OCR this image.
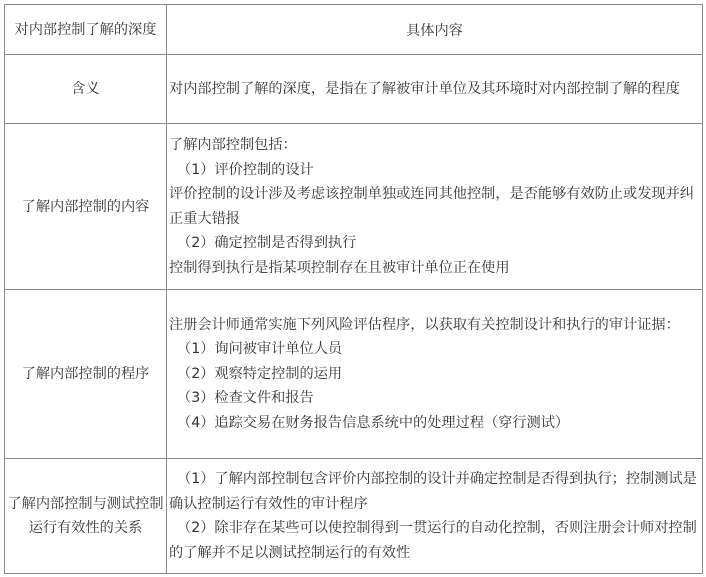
对内部控制了解的深度	具体内容
含义	对内部控制了解的深度，是指在了解被审计单位及其环境时对内部控制了解的程度

了解内部控制的内容	了解内部控制包括：
（1）评价控制的设计
评价控制的设计涉及考虑该控制单独或连同其他控制，是否能够有效防止或发现并纠正重大错报
（2）确定控制是否得到执行
控制得到执行是指某项控制存在且被审计单位正在使用

了解内部控制的程序	注册会计师通常实施下列风险评估程序，以获取有关控制设计和执行的审计证据：
（1）询问被审计单位人员
（2）观察特定控制的运用
（3）检查文件和报告
（4）追踪交易在财务报告信息系统中的处理过程（穿行测试）

了解内部控制与测试控制运行有效性的关系	（1）了解内部控制包含评价内部控制的设计并确定控制是否得到执行；控制测试是确认控制运行有效性的审计程序
（2）除非存在某些可以使控制得到一贯运行的自动化控制，否则注册会计师对控制的了解并不足以测试控制运行的有效性
